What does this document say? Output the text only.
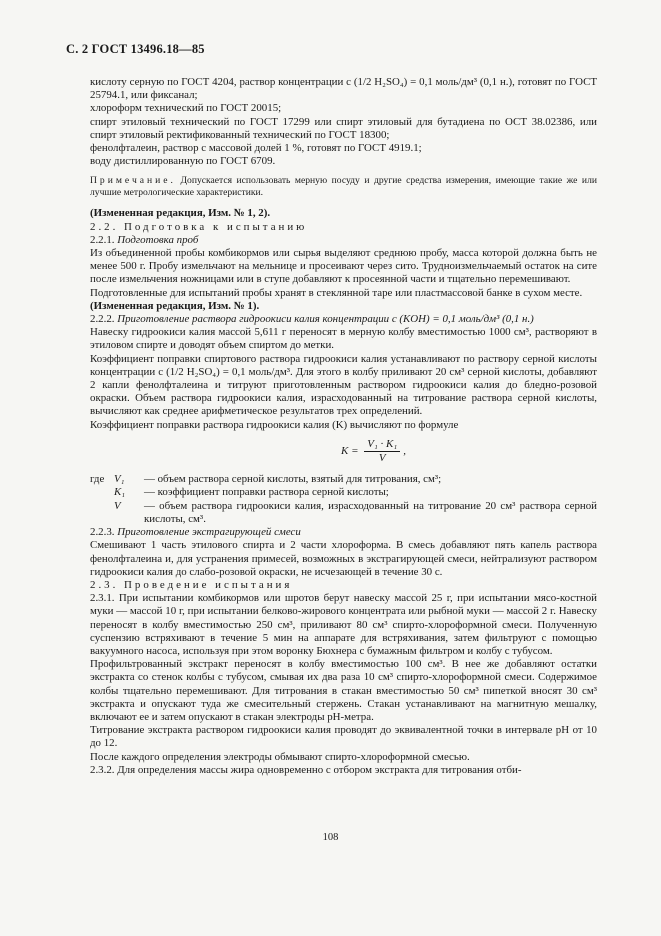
С. 2 ГОСТ 13496.18—85

кислоту серную по ГОСТ 4204, раствор концентрации c (1/2 H₂SO₄) = 0,1 моль/дм³ (0,1 н.), готовят по ГОСТ 25794.1, или фиксанал;

хлороформ технический по ГОСТ 20015;

спирт этиловый технический по ГОСТ 17299 или спирт этиловый для бутадиена по ОСТ 38.02386, или спирт этиловый ректификованный технический по ГОСТ 18300;

фенолфталеин, раствор с массовой долей 1 %, готовят по ГОСТ 4919.1;

воду дистиллированную по ГОСТ 6709.

Примечание. Допускается использовать мерную посуду и другие средства измерения, имеющие такие же или лучшие метрологические характеристики.

(Измененная редакция, Изм. № 1, 2).

2.2. Подготовка к испытанию

2.2.1. Подготовка проб

Из объединенной пробы комбикормов или сырья выделяют среднюю пробу, масса которой должна быть не менее 500 г. Пробу измельчают на мельнице и просеивают через сито. Трудноизмельчаемый остаток на сите после измельчения ножницами или в ступе добавляют к просеянной части и тщательно перемешивают.

Подготовленные для испытаний пробы хранят в стеклянной таре или пластмассовой банке в сухом месте.

(Измененная редакция, Изм. № 1).

2.2.2. Приготовление раствора гидроокиси калия концентрации c (KOH) = 0,1 моль/дм³ (0,1 н.)

Навеску гидроокиси калия массой 5,611 г переносят в мерную колбу вместимостью 1000 см³, растворяют в этиловом спирте и доводят объем спиртом до метки.

Коэффициент поправки спиртового раствора гидроокиси калия устанавливают по раствору серной кислоты концентрации c (1/2 H₂SO₄) = 0,1 моль/дм³. Для этого в колбу приливают 20 см³ серной кислоты, добавляют 2 капли фенолфталеина и титруют приготовленным раствором гидроокиси калия до бледно-розовой окраски. Объем раствора гидроокиси калия, израсходованный на титрование раствора серной кислоты, вычисляют как среднее арифметическое результатов трех определений.

Коэффициент поправки раствора гидроокиси калия (K) вычисляют по формуле

$K = \frac{\text{V₁ · K₁}}{V}$ ,

где V₁	— объем раствора серной кислоты, взятый для титрования, см³;
K₁	— коэффициент поправки раствора серной кислоты;
V	— объем раствора гидроокиси калия, израсходованный на титрование 20 см³ раствора серной кислоты, см³.

2.2.3. Приготовление экстрагирующей смеси

Смешивают 1 часть этилового спирта и 2 части хлороформа. В смесь добавляют пять капель раствора фенолфталеина и, для устранения примесей, возможных в экстрагирующей смеси, нейтрализуют раствором гидроокиси калия до слабо-розовой окраски, не исчезающей в течение 30 с.

2.3. Проведение испытания

2.3.1. При испытании комбикормов или шротов берут навеску массой 25 г, при испытании мясо-костной муки — массой 10 г, при испытании белково-жирового концентрата или рыбной муки — массой 2 г. Навеску переносят в колбу вместимостью 250 см³, приливают 80 см³ спирто-хлороформной смеси. Полученную суспензию встряхивают в течение 5 мин на аппарате для встряхивания, затем фильтруют с помощью вакуумного насоса, используя при этом воронку Бюхнера с бумажным фильтром и колбу с тубусом.

Профильтрованный экстракт переносят в колбу вместимостью 100 см³. В нее же добавляют остатки экстракта со стенок колбы с тубусом, смывая их два раза 10 см³ спирто-хлороформной смеси. Содержимое колбы тщательно перемешивают. Для титрования в стакан вместимостью 50 см³ пипеткой вносят 30 см³ экстракта и опускают туда же смесительный стержень. Стакан устанавливают на магнитную мешалку, включают ее и затем опускают в стакан электроды pH-метра.

Титрование экстракта раствором гидроокиси калия проводят до эквивалентной точки в интервале pH от 10 до 12.

После каждого определения электроды обмывают спирто-хлороформной смесью.

2.3.2. Для определения массы жира одновременно с отбором экстракта для титрования отби-

108
